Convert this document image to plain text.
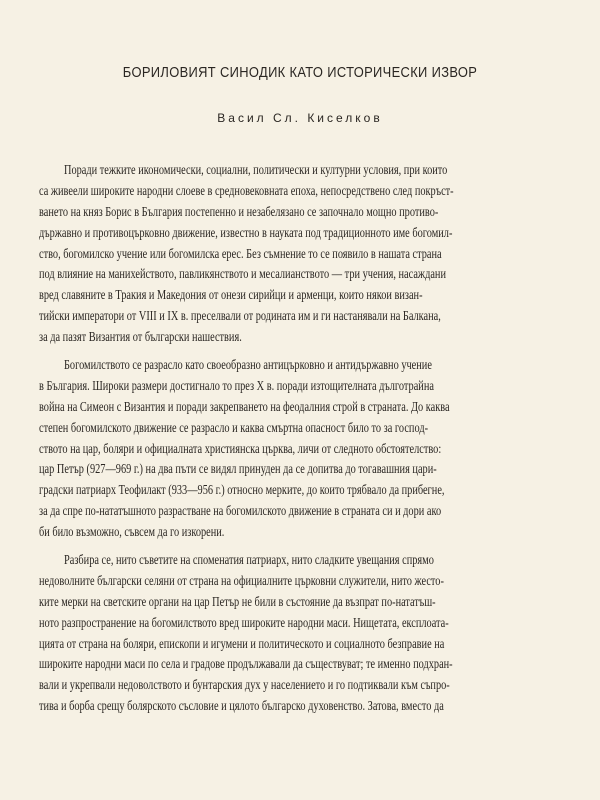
БОРИЛОВИЯТ СИНОДИК КАТО ИСТОРИЧЕСКИ ИЗВОР
Васил Сл. Киселков
Поради тежките икономически, социални, политически и културни условия, при които
са живеели широките народни слоеве в средновековната епоха, непосредствено след покръст-
ването на княз Борис в България постепенно и незабелязано се започнало мощно противо-
държавно и противоцърковно движение, известно в науката под традиционното име богомил-
ство, богомилско учение или богомилска ерес. Без съмнение то се появило в нашата страна
под влияние на манихейството, павликянството и месалианството — три учения, насаждани
вред славяните в Тракия и Македония от онези сирийци и арменци, които някои визан-
тийски императори от VIII и IX в. преселвали от родината им и ги настанявали на Балкана,
за да пазят Византия от български нашествия.
Богомилството се разрасло като своеобразно антицърковно и антидържавно учение
в България. Широки размери достигнало то през X в. поради изтощителната дълготрайна
война на Симеон с Византия и поради закрепването на феодалния строй в страната. До каква
степен богомилското движение се разрасло и каква смъртна опасност било то за господ-
ството на цар, боляри и официалната християнска църква, личи от следното обстоятелство:
цар Петър (927—969 г.) на два пъти се видял принуден да се допитва до тогавашния цари-
градски патриарх Теофилакт (933—956 г.) относно мерките, до които трябвало да прибегне,
за да спре по-нататъшното разрастване на богомилското движение в страната си и дори ако
би било възможно, съвсем да го изкорени.
Разбира се, нито съветите на споменатия патриарх, нито сладките увещания спрямо
недоволните български селяни от страна на официалните църковни служители, нито жесто-
ките мерки на светските органи на цар Петър не били в състояние да възпрат по-нататъш-
ното разпространение на богомилството вред широките народни маси. Нищетата, експлоата-
цията от страна на боляри, епископи и игумени и политическото и социалното безправие на
широките народни маси по села и градове продължавали да съществуват; те именно подхран-
вали и укрепвали недоволството и бунтарския дух у населението и го подтиквали към съпро-
тива и борба срещу болярското съсловие и цялото българско духовенство. Затова, вместо да
